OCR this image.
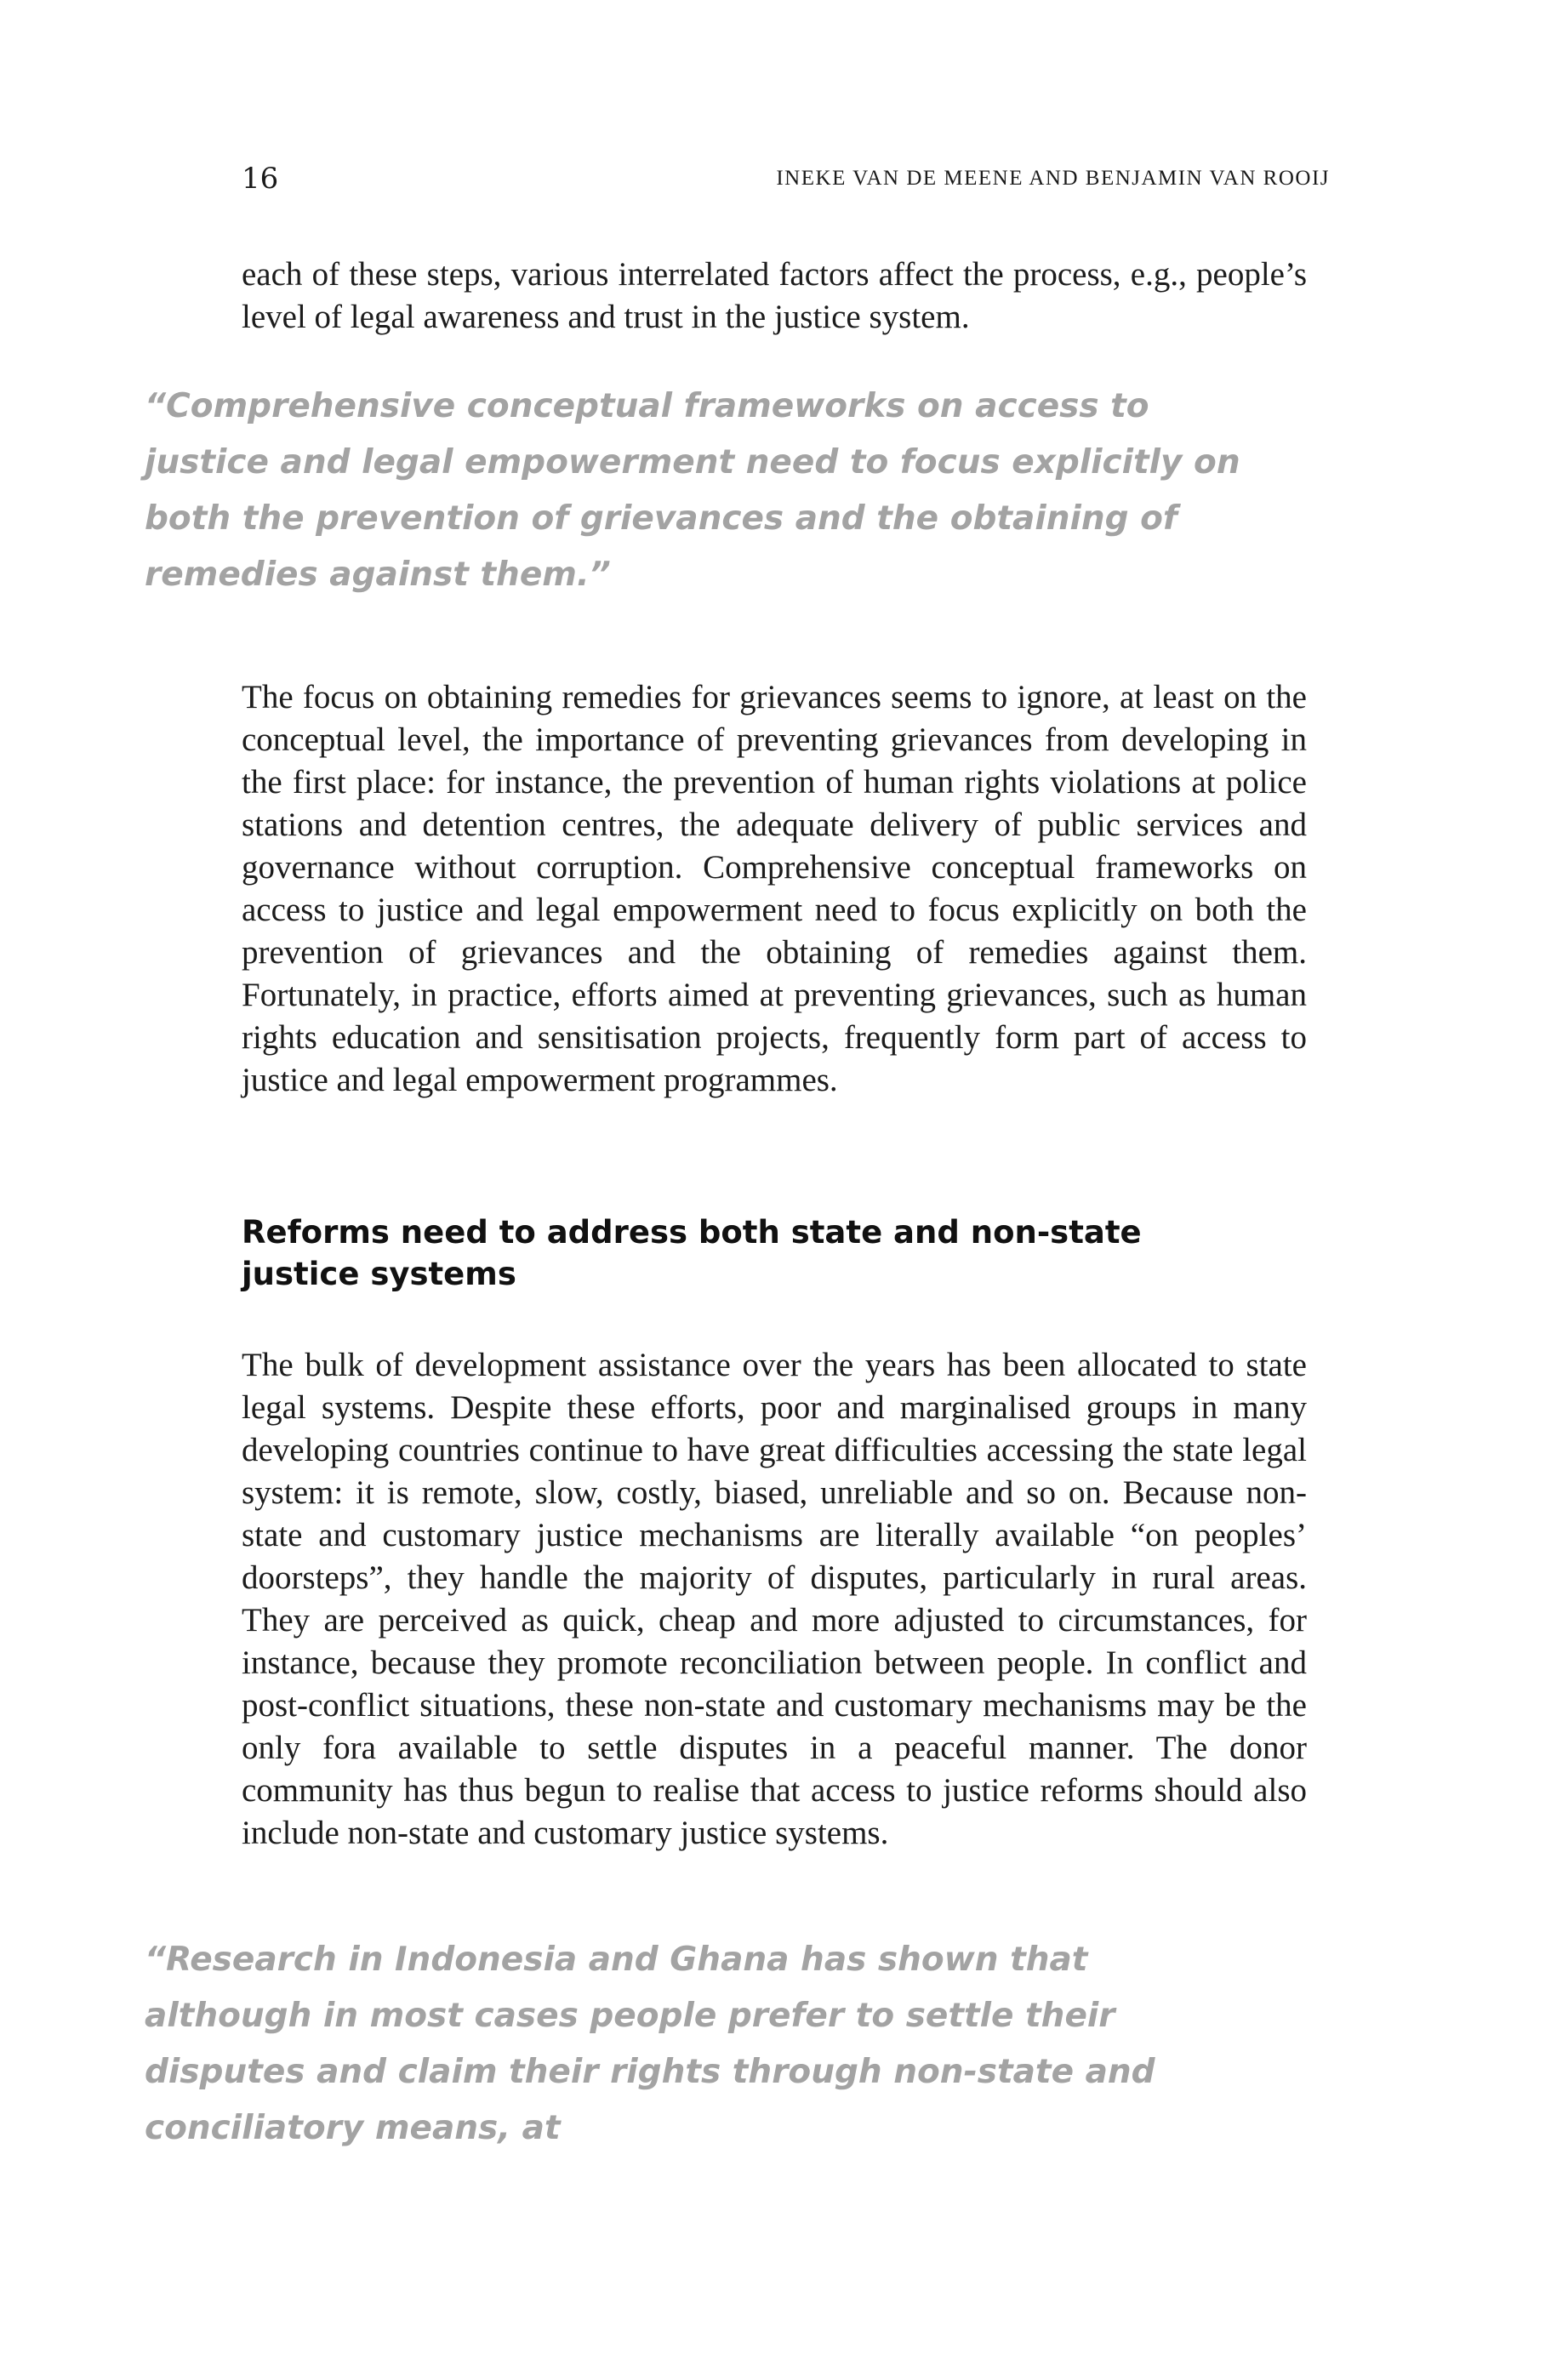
16	INEKE VAN DE MEENE AND BENJAMIN VAN ROOIJ

each of these steps, various interrelated factors affect the process, e.g., people’s level of legal awareness and trust in the justice system.

“Comprehensive conceptual frameworks on access to justice and legal empowerment need to focus explicitly on both the prevention of grievances and the obtaining of remedies against them.”

The focus on obtaining remedies for grievances seems to ignore, at least on the conceptual level, the importance of preventing grievances from developing in the first place: for instance, the prevention of human rights violations at police stations and detention centres, the adequate delivery of public services and governance without corruption. Comprehensive conceptual frameworks on access to justice and legal empowerment need to focus explicitly on both the prevention of grievances and the obtaining of remedies against them. Fortunately, in practice, efforts aimed at preventing grievances, such as human rights education and sensitisation projects, frequently form part of access to justice and legal empowerment programmes.

Reforms need to address both state and non-state justice systems

The bulk of development assistance over the years has been allocated to state legal systems. Despite these efforts, poor and marginalised groups in many developing countries continue to have great difficulties accessing the state legal system: it is remote, slow, costly, biased, unreliable and so on. Because non-state and customary justice mechanisms are literally available “on peoples’ doorsteps”, they handle the majority of disputes, particularly in rural areas. They are perceived as quick, cheap and more adjusted to circumstances, for instance, because they promote reconciliation between people. In conflict and post-conflict situations, these non-state and customary mechanisms may be the only fora available to settle disputes in a peaceful manner. The donor community has thus begun to realise that access to justice reforms should also include non-state and customary justice systems.

“Research in Indonesia and Ghana has shown that although in most cases people prefer to settle their disputes and claim their rights through non-state and conciliatory means, at
